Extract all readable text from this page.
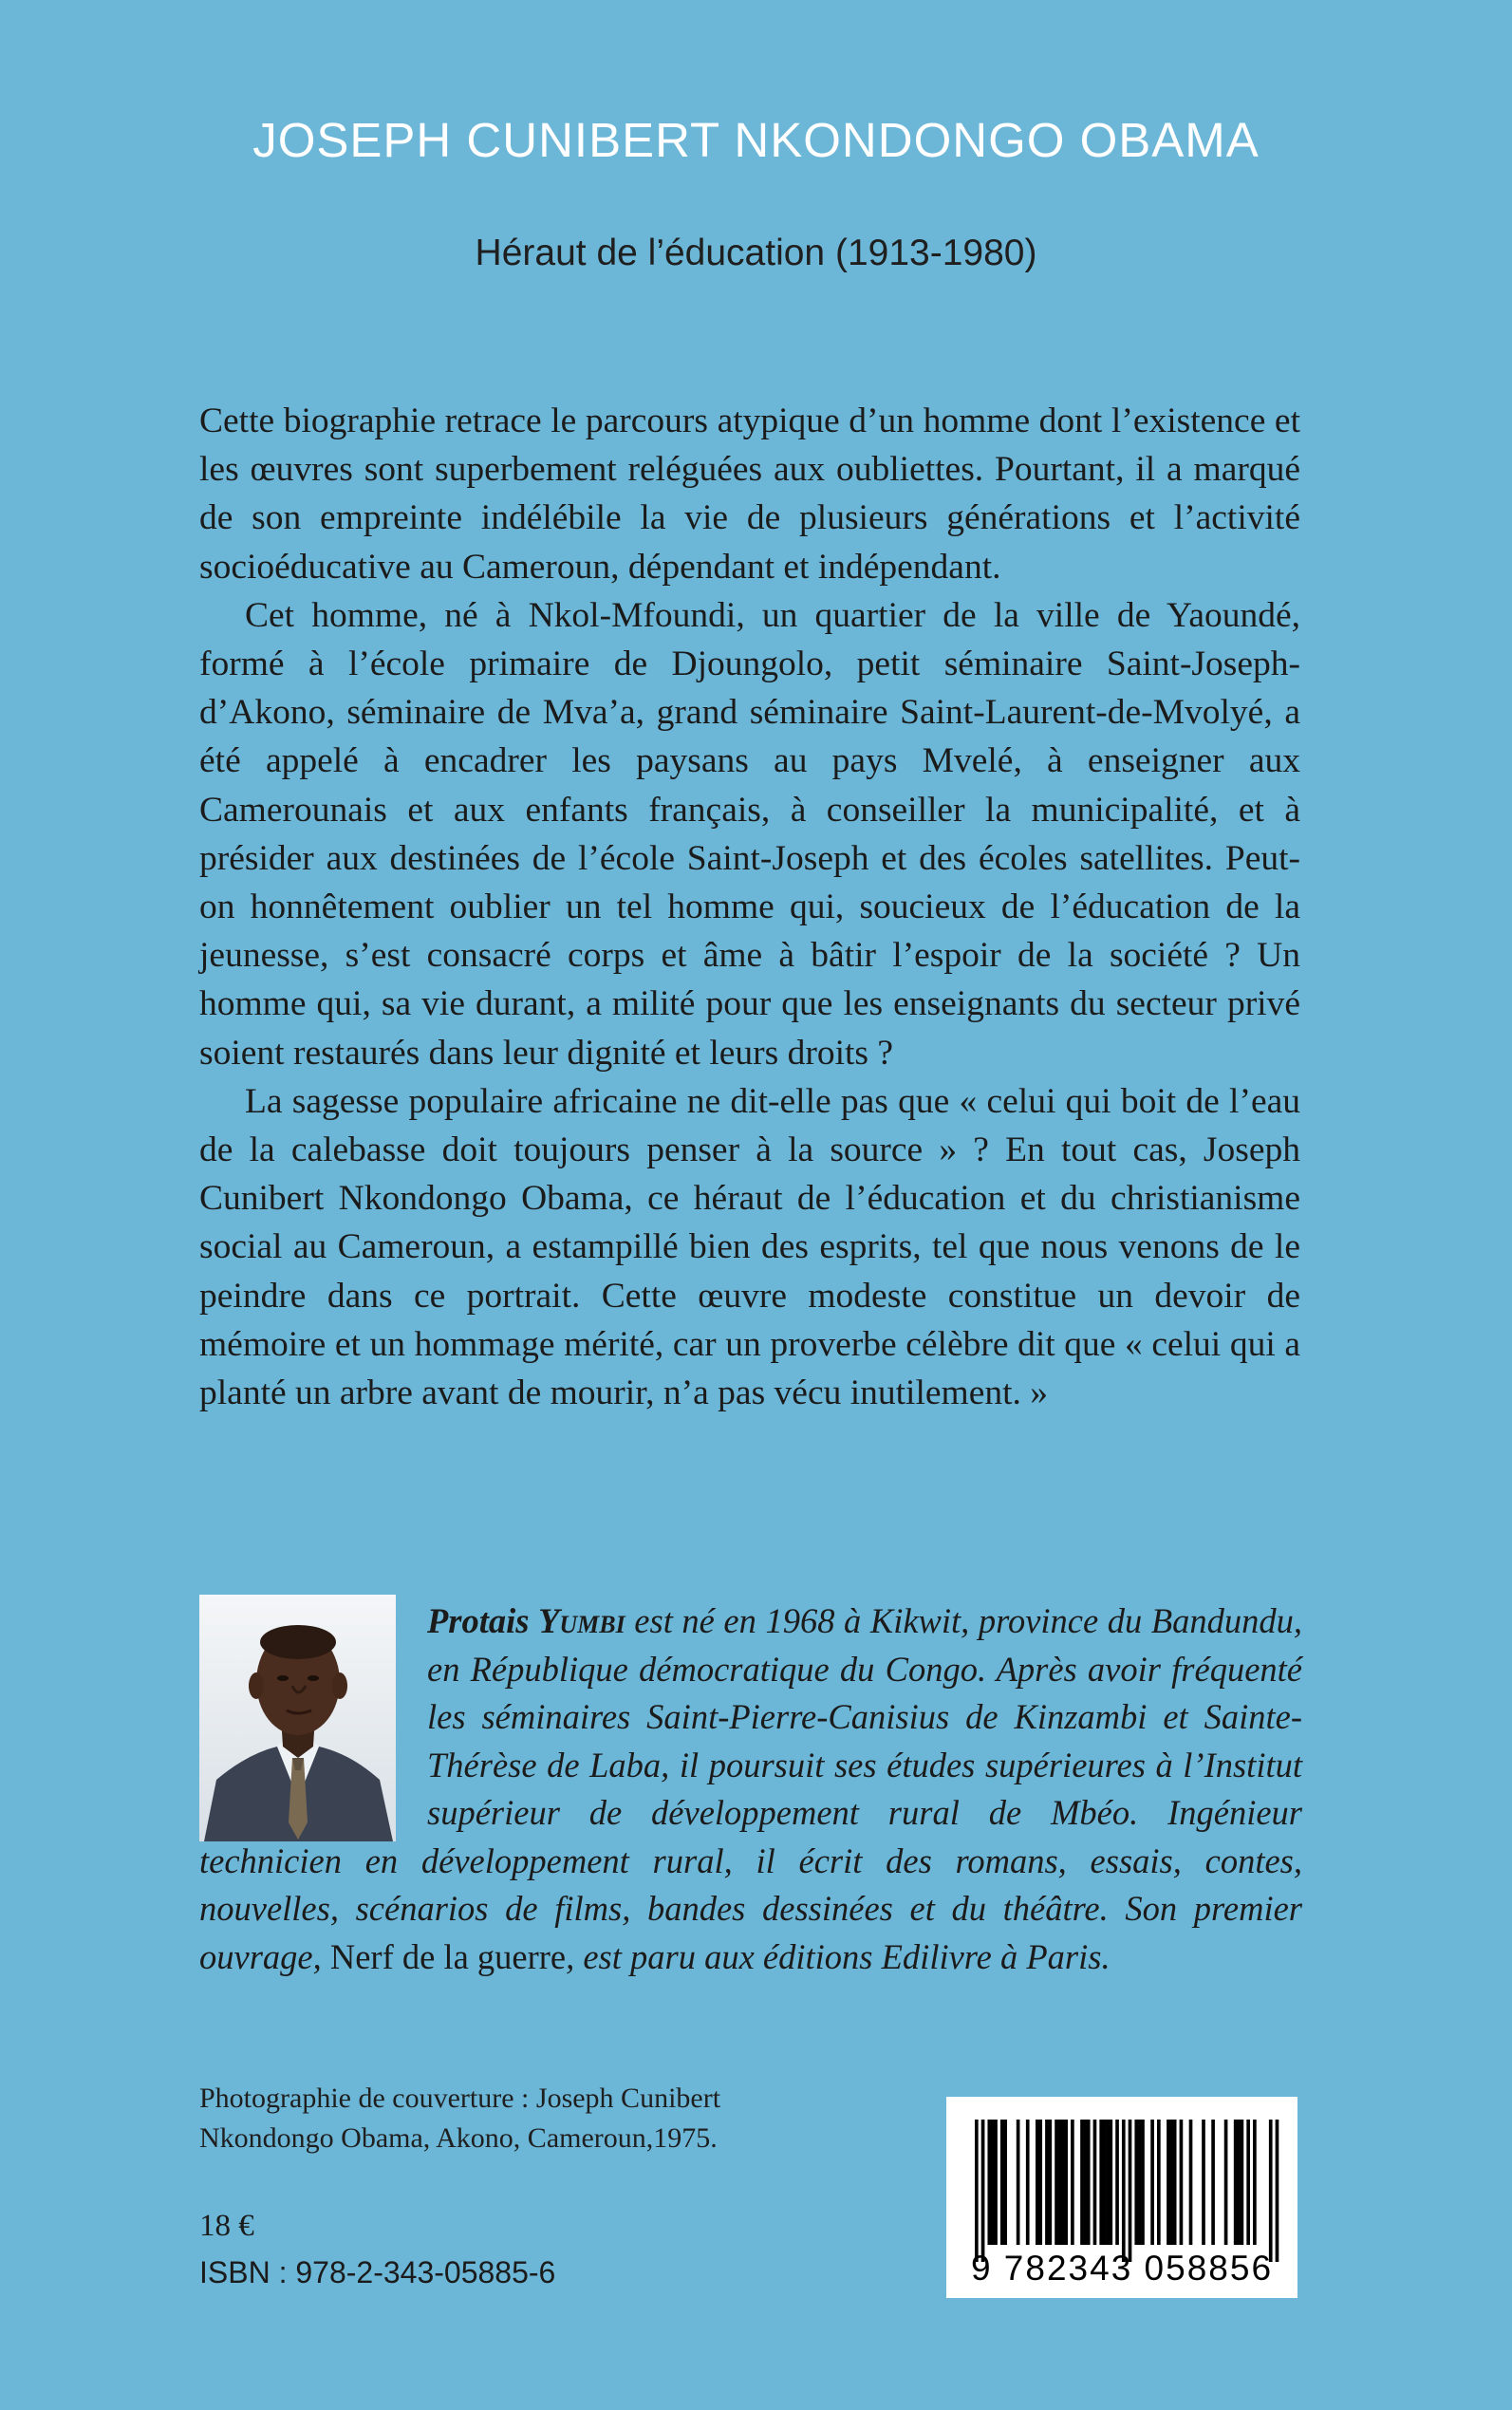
JOSEPH CUNIBERT NKONDONGO OBAMA
Héraut de l’éducation (1913-1980)

Cette biographie retrace le parcours atypique d’un homme dont l’existence et les œuvres sont superbement reléguées aux oubliettes. Pourtant, il a marqué de son empreinte indélébile la vie de plusieurs générations et l’activité socioéducative au Cameroun, dépendant et indépendant.

Cet homme, né à Nkol-Mfoundi, un quartier de la ville de Yaoundé, formé à l’école primaire de Djoungolo, petit séminaire Saint-Joseph-d’Akono, séminaire de Mva’a, grand séminaire Saint-Laurent-de-Mvolyé, a été appelé à encadrer les paysans au pays Mvelé, à enseigner aux Camerounais et aux enfants français, à conseiller la municipalité, et à présider aux destinées de l’école Saint-Joseph et des écoles satellites. Peut-on honnêtement oublier un tel homme qui, soucieux de l’éducation de la jeunesse, s’est consacré corps et âme à bâtir l’espoir de la société ? Un homme qui, sa vie durant, a milité pour que les enseignants du secteur privé soient restaurés dans leur dignité et leurs droits ?

La sagesse populaire africaine ne dit-elle pas que « celui qui boit de l’eau de la calebasse doit toujours penser à la source » ? En tout cas, Joseph Cunibert Nkondongo Obama, ce héraut de l’éducation et du christianisme social au Cameroun, a estampillé bien des esprits, tel que nous venons de le peindre dans ce portrait. Cette œuvre modeste constitue un devoir de mémoire et un hommage mérité, car un proverbe célèbre dit que « celui qui a planté un arbre avant de mourir, n’a pas vécu inutilement. »

Protais Yumbi est né en 1968 à Kikwit, province du Bandundu, en République démocratique du Congo. Après avoir fréquenté les séminaires Saint-Pierre-Canisius de Kinzambi et Sainte-Thérèse de Laba, il poursuit ses études supérieures à l’Institut supérieur de développement rural de Mbéo. Ingénieur technicien en développement rural, il écrit des romans, essais, contes, nouvelles, scénarios de films, bandes dessinées et du théâtre. Son premier ouvrage, Nerf de la guerre, est paru aux éditions Edilivre à Paris.
Photographie de couverture : Joseph Cunibert
Nkondongo Obama, Akono, Cameroun,1975.
18 €
ISBN : 978-2-343-05885-6	9 782343 058856
